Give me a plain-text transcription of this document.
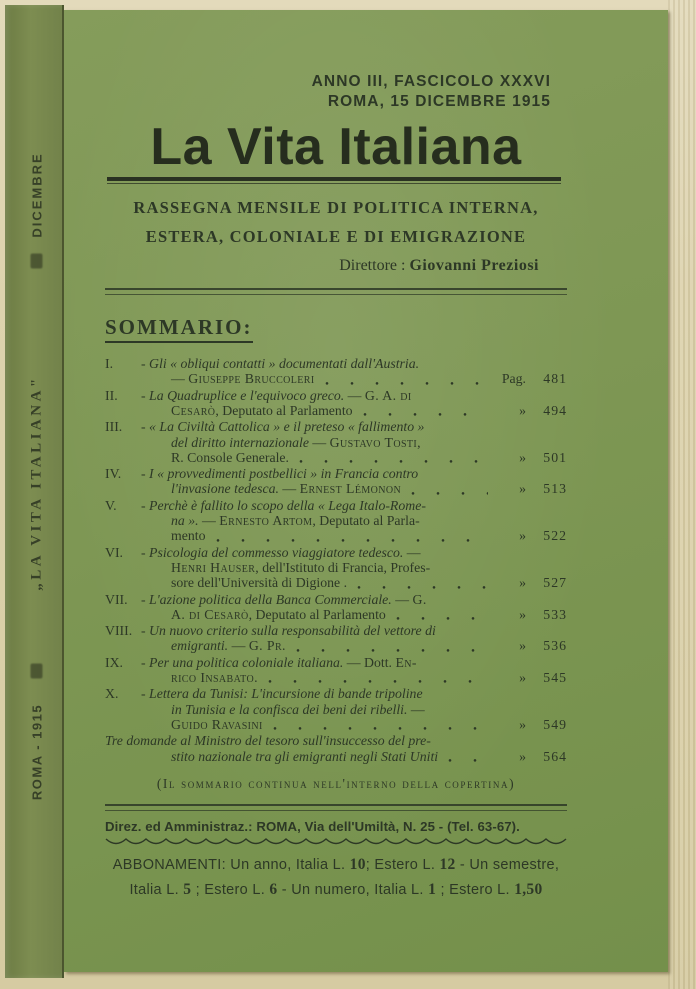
DICEMBRE
„LA VITA ITALIANA"
ROMA - 1915
ANNO III, FASCICOLO XXXVI
ROMA, 15 DICEMBRE 1915
La Vita Italiana
RASSEGNA MENSILE DI POLITICA INTERNA,
ESTERA, COLONIALE E DI EMIGRAZIONE
Direttore : Giovanni Preziosi
SOMMARIO:
I.	- Gli « obliqui contatti » documentati dall'Austria.
— Giuseppe Bruccoleri	Pag.	481
II.	- La Quadruplice e l'equivoco greco. — G. A. di
Cesarò, Deputato al Parlamento	»	494
III.	- « La Civiltà Cattolica » e il preteso « fallimento »
del diritto internazionale — Gustavo Tosti,
R. Console Generale.	»	501
IV.	- I « provvedimenti postbellici » in Francia contro
l'invasione tedesca. — Ernest Lémonon	»	513
V.	- Perchè è fallito lo scopo della « Lega Italo-Rome-
na ». — Ernesto Artom, Deputato al Parla-
mento	»	522
VI.	- Psicologia del commesso viaggiatore tedesco. —
Henri Hauser, dell'Istituto di Francia, Profes-
sore dell'Università di Digione .	»	527
VII. - L'azione politica della Banca Commerciale. — G.
A. di Cesarò, Deputato al Parlamento	»	533
VIII. - Un nuovo criterio sulla responsabilità del vettore di
emigranti. — G. Pr.	»	536
IX.	- Per una politica coloniale italiana. — Dott. En-
rico Insabato.	»	545
X.	- Lettera da Tunisi: L'incursione di bande tripoline
in Tunisia e la confisca dei beni dei ribelli. —
Guido Ravasini	»	549
Tre domande al Ministro del tesoro sull'insuccesso del pre-
stito nazionale tra gli emigranti negli Stati Uniti	»	564
(Il sommario continua nell'interno della copertina)
Direz. ed Amministraz.: ROMA, Via dell'Umiltà, N. 25 - (Tel. 63-67).
ABBONAMENTI: Un anno, Italia L. 10; Estero L. 12 - Un semestre,
Italia L. 5 ; Estero L. 6 - Un numero, Italia L. 1 ; Estero L. 1,50
